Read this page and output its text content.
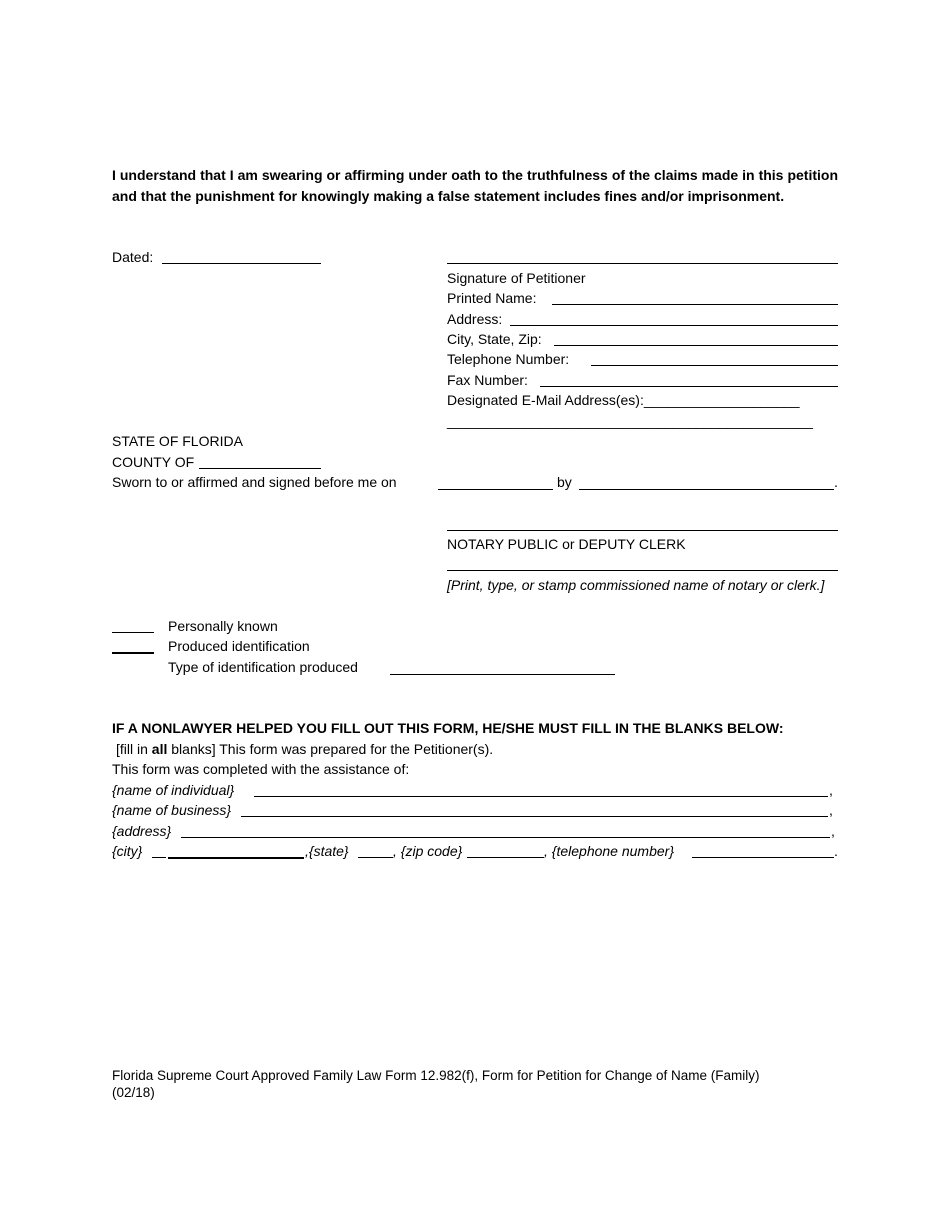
I understand that I am swearing or affirming under oath to the truthfulness of the claims made in this petition and that the punishment for knowingly making a false statement includes fines and/or imprisonment.
Dated:
Signature of Petitioner
Printed Name:
Address:
City, State, Zip:
Telephone Number:
Fax Number:
Designated E-Mail Address(es):____________________
_______________________________________________
STATE OF FLORIDA
COUNTY OF
Sworn to or affirmed and signed before me on	by	.
NOTARY PUBLIC or DEPUTY CLERK
[Print, type, or stamp commissioned name of notary or clerk.]
Personally known
Produced identification
Type of identification produced
IF A NONLAWYER HELPED YOU FILL OUT THIS FORM, HE/SHE MUST FILL IN THE BLANKS BELOW:
[fill in all blanks] This form was prepared for the Petitioner(s).
This form was completed with the assistance of:
{name of individual}	,
{name of business}	,
{address}	,
{city}	,{state}	, {zip code}	, {telephone number}	.
Florida Supreme Court Approved Family Law Form 12.982(f), Form for Petition for Change of Name (Family)
(02/18)
